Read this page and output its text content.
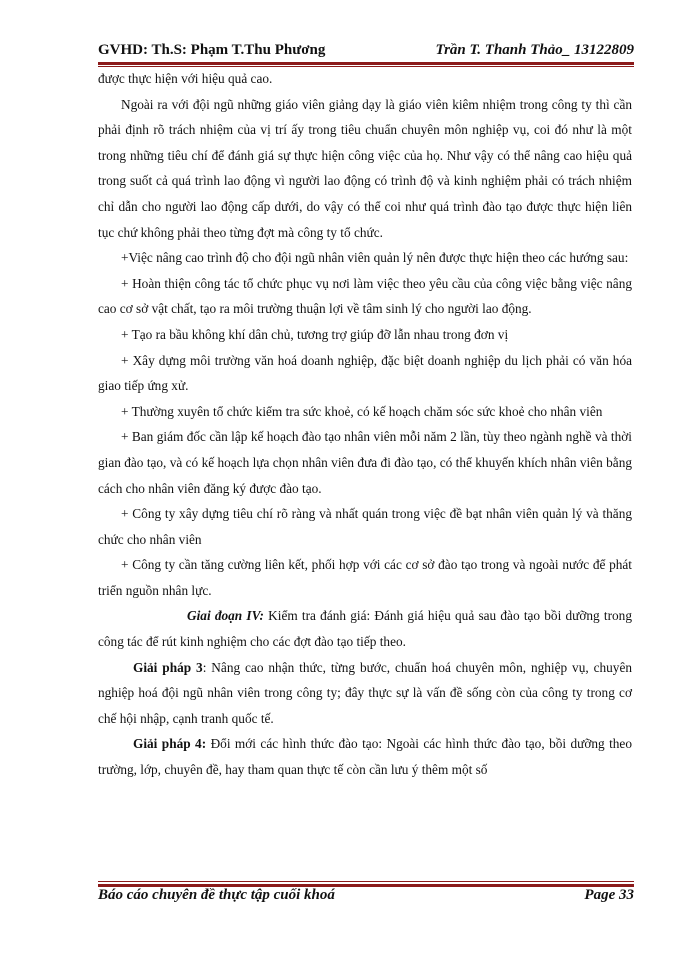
GVHD: Th.S: Phạm T.Thu Phương	Trần T. Thanh Thảo_ 13122809

được thực hiện với hiệu quả cao.

Ngoài ra với đội ngũ những giáo viên giảng dạy là giáo viên kiêm nhiệm trong công ty thì cần phải định rõ trách nhiệm của vị trí ấy trong tiêu chuẩn chuyên môn nghiệp vụ, coi đó như là một trong những tiêu chí để đánh giá sự thực hiện công việc của họ. Như vậy có thể nâng cao hiệu quả trong suốt cả quá trình lao động vì người lao động có trình độ và kinh nghiệm phải có trách nhiệm chỉ dẫn cho người lao động cấp dưới, do vậy có thể coi như quá trình đào tạo được thực hiện liên tục chứ không phải theo từng đợt mà công ty tổ chức.

+Việc nâng cao trình độ cho đội ngũ nhân viên quản lý nên được thực hiện theo các hướng sau:

+ Hoàn thiện công tác tổ chức phục vụ nơi làm việc theo yêu cầu của công việc bằng việc nâng cao cơ sở vật chất, tạo ra môi trường thuận lợi về tâm sinh lý cho người lao động.

+ Tạo ra bầu không khí dân chủ, tương trợ giúp đỡ lẫn nhau trong đơn vị

+ Xây dựng môi trường văn hoá doanh nghiệp, đặc biệt doanh nghiệp du lịch phải có văn hóa giao tiếp ứng xử.

+ Thường xuyên tổ chức kiểm tra sức khoẻ, có kế hoạch chăm sóc sức khoẻ cho nhân viên

+ Ban giám đốc cần lập kế hoạch đào tạo nhân viên mỗi năm 2 lần, tùy theo ngành nghề và thời gian đào tạo, và có kế hoạch lựa chọn nhân viên đưa đi đào tạo, có thể khuyến khích nhân viên bằng cách cho nhân viên đăng ký được đào tạo.

+ Công ty xây dựng tiêu chí rõ ràng và nhất quán trong việc đề bạt nhân viên quản lý và thăng chức cho nhân viên

+ Công ty cần tăng cường liên kết, phối hợp với các cơ sở đào tạo trong và ngoài nước để phát triển nguồn nhân lực.

Giai đoạn IV: Kiểm tra đánh giá: Đánh giá hiệu quả sau đào tạo bồi dưỡng trong công tác để rút kinh nghiệm cho các đợt đào tạo tiếp theo.

Giải pháp 3: Nâng cao nhận thức, từng bước, chuẩn hoá chuyên môn, nghiệp vụ, chuyên nghiệp hoá đội ngũ nhân viên trong công ty; đây thực sự là vấn đề sống còn của công ty trong cơ chế hội nhập, cạnh tranh quốc tế.

Giải pháp 4: Đổi mới các hình thức đào tạo: Ngoài các hình thức đào tạo, bồi dưỡng theo trường, lớp, chuyên đề, hay tham quan thực tế còn cần lưu ý thêm một số

Báo cáo chuyên đề thực tập cuối khoá	Page 33
